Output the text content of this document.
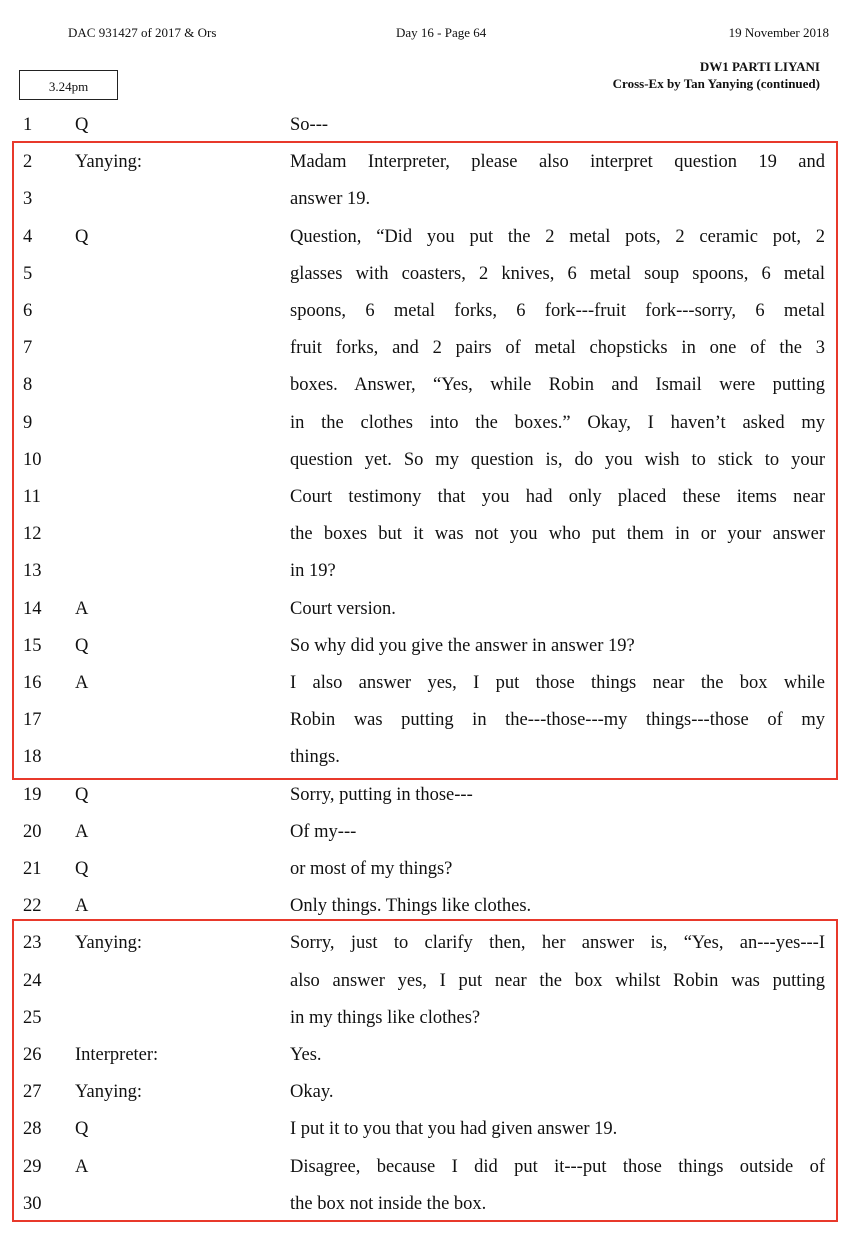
DAC 931427 of 2017 & Ors	Day 16 - Page 64	19 November 2018
DW1 PARTI LIYANI
Cross-Ex by Tan Yanying (continued)
3.24pm
1 Q	So---
2 Yanying:	Madam Interpreter, please also interpret question 19 and
3	answer 19.
4 Q	Question, “Did you put the 2 metal pots, 2 ceramic pot, 2
5	glasses with coasters, 2 knives, 6 metal soup spoons, 6 metal
6	spoons, 6 metal forks, 6 fork---fruit fork---sorry, 6 metal
7	fruit forks, and 2 pairs of metal chopsticks in one of the 3
8	boxes. Answer, “Yes, while Robin and Ismail were putting
9	in the clothes into the boxes.” Okay, I haven’t asked my
10	question yet. So my question is, do you wish to stick to your
11	Court testimony that you had only placed these items near
12	the boxes but it was not you who put them in or your answer
13	in 19?
14 A	Court version.
15 Q	So why did you give the answer in answer 19?
16 A	I also answer yes, I put those things near the box while
17	Robin was putting in the---those---my things---those of my
18	things.
19 Q	Sorry, putting in those---
20 A	Of my---
21 Q	or most of my things?
22 A	Only things. Things like clothes.
23 Yanying:	Sorry, just to clarify then, her answer is, “Yes, an---yes---I
24	also answer yes, I put near the box whilst Robin was putting
25	in my things like clothes?
26 Interpreter:	Yes.
27 Yanying:	Okay.
28 Q	I put it to you that you had given answer 19.
29 A	Disagree, because I did put it---put those things outside of
30	the box not inside the box.
